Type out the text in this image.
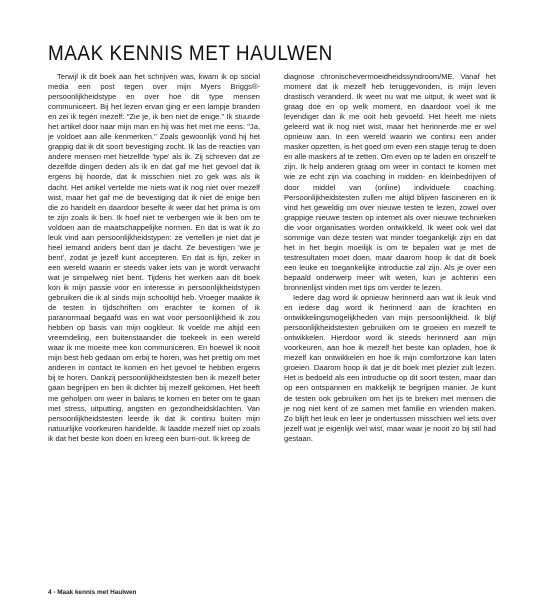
MAAK KENNIS MET HAULWEN

Terwijl ik dit boek aan het schrijven was, kwam ik op social media een post tegen over mijn Myers Briggs®-persoonlijkheidstype en over hoe dit type mensen communiceert. Bij het lezen ervan ging er een lampje branden en zei ik tegen mezelf: "Zie je, ik ben niet de enige." Ik stuurde het artikel door naar mijn man en hij was het met me eens: "Ja, je voldoet aan alle kenmerken." Zoals gewoonlijk vond hij het grappig dat ik dit soort bevestiging zocht. Ik las de reacties van andere mensen met hetzelfde 'type' als ik. Zij schreven dat ze dezelfde dingen deden als ik en dat gaf me het gevoel dat ik ergens bij hoorde, dat ik misschien niet zo gek was als ik dacht. Het artikel vertelde me niets wat ik nog niet over mezelf wist, maar het gaf me de bevestiging dat ik niet de enige ben die zo handelt en daardoor besefte ik weer dat het prima is om te zijn zoals ik ben. Ik hoef niet te verbergen wie ik ben om te voldoen aan de maatschappelijke normen. En dat is wat ik zo leuk vind aan persoonlijkheidstypen: ze vertellen je niet dat je heel iemand anders bent dan je dacht. Ze bevestigen 'wie je bent', zodat je jezelf kunt accepteren. En dat is fijn, zeker in een wereld waarin er steeds vaker iets van je wordt verwacht wat je simpelweg niet bent. Tijdens het werken aan dit boek kon ik mijn passie voor en interesse in persoonlijkheidstypen gebruiken die ik al sinds mijn schooltijd heb. Vroeger maakte ik de testen in tijdschriften om erachter te komen of ik paranormaal begaafd was en wat voor persoonlijkheid ik zou hebben op basis van mijn oogkleur. Ik voelde me altijd een vreemdeling, een buitenstaander die toekeek in een wereld waar ik me moeite mee kon communiceren. En hoewel ik nooit mijn best heb gedaan om erbij te horen, was het prettig om met anderen in contact te komen en het gevoel te hebben ergens bij te horen. Dankzij persoonlijkheidstesten ben ik mezelf beter gaan begrijpen en ben ik dichter bij mezelf gekomen. Het heeft me geholpen om weer in balans te komen en beter om te gaan met stress, uitputting, angsten en gezondheidsklachten. Van persoonlijkheidstesten leerde ik dat ik continu buiten mijn natuurlijke voorkeuren handelde. Ik laadde mezelf niet op zoals ik dat het beste kon doen en kreeg een burn-out. Ik kreeg de

diagnose chronischevermoeidheidssyndroom/ME. Vanaf het moment dat ik mezelf heb teruggevonden, is mijn leven drastisch veranderd. Ik weet nu wat me uitput, ik weet wat ik graag doe en op welk moment, en daardoor voel ik me levendiger dan ik me ooit heb gevoeld. Het heeft me niets geleerd wat ik nog niet wist, maar het herinnerde me er wel opnieuw aan. In een wereld waarin we continu een ander masker opzetten, is het goed om even een stapje terug te doen en alle maskers af te zetten. Om even op te laden en onszelf te zijn. Ik help anderen graag om weer in contact te komen met wie ze echt zijn via coaching in midden- en kleinbedrijven of door middel van (online) individuele coaching. Persoonlijkheidstesten zullen me altijd blijven fascineren en ik vind het geweldig om over nieuwe testen te lezen, zowel over grappige nieuwe testen op internet als over nieuwe technieken die voor organisaties worden ontwikkeld. Ik weet ook wel dat sommige van deze testen wat minder toegankelijk zijn en dat het in het begin moeilijk is om te bepalen wat je met de testresultaten moet doen, maar daarom hoop ik dat dit boek een leuke en toegankelijke introductie zal zijn. Als je over een bepaald onderwerp meer wilt weten, kun je achterin een bronnenlijst vinden met tips om verder te lezen.

Iedere dag word ik opnieuw herinnerd aan wat ik leuk vind en iedere dag word ik herinnerd aan de krachten en ontwikkelingsmogelijkheden van mijn persoonlijkheid. Ik blijf persoonlijkheidstesten gebruiken om te groeien en mezelf te ontwikkelen. Hierdoor word ik steeds herinnerd aan mijn voorkeuren, aan hoe ik mezelf het beste kan opladen, hoe ik mezelf kan ontwikkelen en hoe ik mijn comfortzone kan laten groeien. Daarom hoop ik dat je dit boek met plezier zult lezen. Het is bedoeld als een introductie op dit soort testen, maar dan op een ontspannen en makkelijk te begrijpen manier. Je kunt de testen ook gebruiken om het ijs te breken met mensen die je nog niet kent of ze samen met familie en vrienden maken. Zo blijft het leuk en leer je ondertussen misschien wel iets over jezelf wat je eigenlijk wel wist, maar waar je nooit zo bij stil had gestaan.

4 - Maak kennis met Haulwen
